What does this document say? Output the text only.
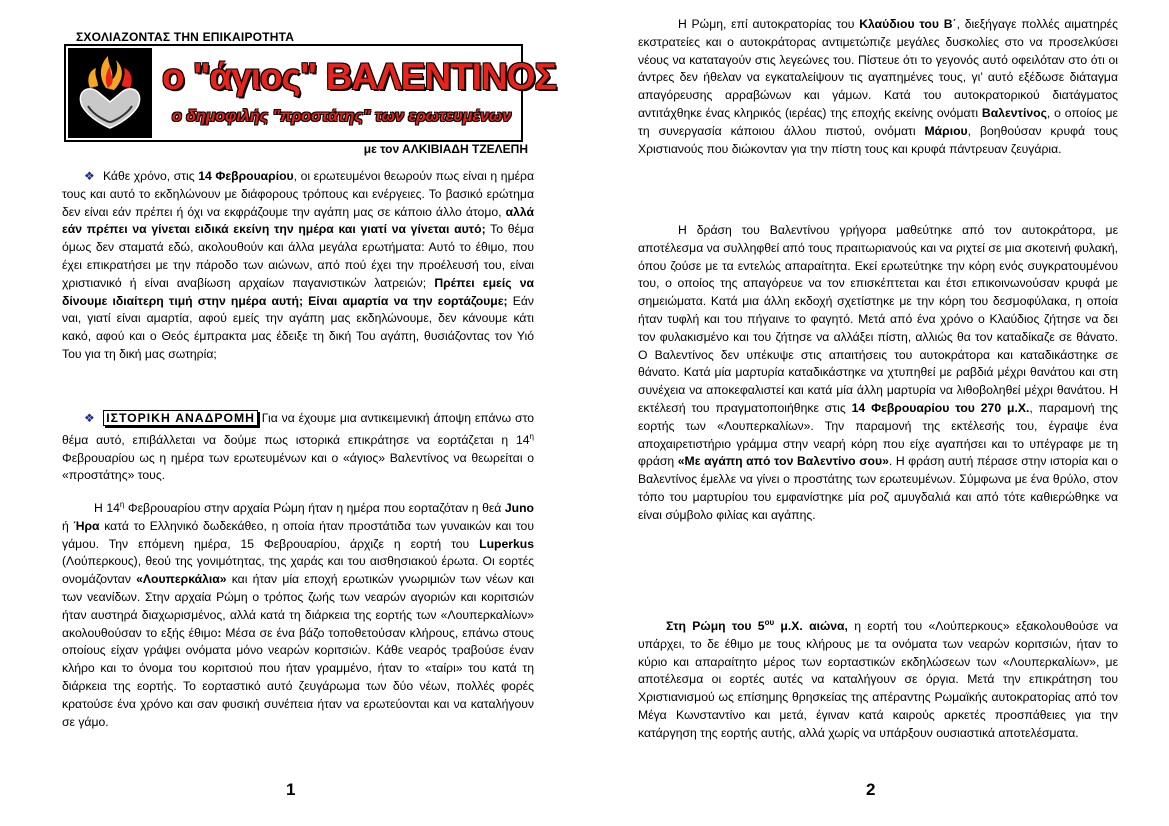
ΣΧΟΛΙΑΖΟΝΤΑΣ ΤΗΝ ΕΠΙΚΑΙΡΟΤΗΤΑ
ο "άγιος" ΒΑΛΕΝΤΙΝΟΣ
ο δημοφιλής "προστάτης" των ερωτευμένων
με τον ΑΛΚΙΒΙΑΔΗ ΤΖΕΛΕΠΗ

❖ Κάθε χρόνο, στις 14 Φεβρουαρίου, οι ερωτευμένοι θεωρούν πως είναι η ημέρα τους και αυτό το εκδηλώνουν με διάφορους τρόπους και ενέργειες. Το βασικό ερώτημα δεν είναι εάν πρέπει ή όχι να εκφράζουμε την αγάπη μας σε κάποιο άλλο άτομο, αλλά εάν πρέπει να γίνεται ειδικά εκείνη την ημέρα και γιατί να γίνεται αυτό; Το θέμα όμως δεν σταματά εδώ, ακολουθούν και άλλα μεγάλα ερωτήματα: Αυτό το έθιμο, που έχει επικρατήσει με την πάροδο των αιώνων, από πού έχει την προέλευσή του, είναι χριστιανικό ή είναι αναβίωση αρχαίων παγανιστικών λατρειών; Πρέπει εμείς να δίνουμε ιδιαίτερη τιμή στην ημέρα αυτή; Είναι αμαρτία να την εορτάζουμε; Εάν ναι, γιατί είναι αμαρτία, αφού εμείς την αγάπη μας εκδηλώνουμε, δεν κάνουμε κάτι κακό, αφού και ο Θεός έμπρακτα μας έδειξε τη δική Του αγάπη, θυσιάζοντας τον Υιό Του για τη δική μας σωτηρία;

❖ ΙΣΤΟΡΙΚΗ ΑΝΑΔΡΟΜΗ Για να έχουμε μια αντικειμενική άποψη επάνω στο θέμα αυτό, επιβάλλεται να δούμε πως ιστορικά επικράτησε να εορτάζεται η $14^\eta$ Φεβρουαρίου ως η ημέρα των ερωτευμένων και ο «άγιος» Βαλεντίνος να θεωρείται ο «προστάτης» τους.

Η $14^\eta$ Φεβρουαρίου στην αρχαία Ρώμη ήταν η ημέρα που εορταζόταν η θεά Juno ή Ήρα κατά το Ελληνικό δωδεκάθεο, η οποία ήταν προστάτιδα των γυναικών και του γάμου. Την επόμενη ημέρα, 15 Φεβρουαρίου, άρχιζε η εορτή του Luperkus (Λούπερκους), θεού της γονιμότητας, της χαράς και του αισθησιακού έρωτα. Οι εορτές ονομάζονταν «Λουπερκάλια» και ήταν μία εποχή ερωτικών γνωριμιών των νέων και των νεανίδων. Στην αρχαία Ρώμη ο τρόπος ζωής των νεαρών αγοριών και κοριτσιών ήταν αυστηρά διαχωρισμένος, αλλά κατά τη διάρκεια της εορτής των «Λουπερκαλίων» ακολουθούσαν το εξής έθιμο: Μέσα σε ένα βάζο τοποθετούσαν κλήρους, επάνω στους οποίους είχαν γράψει ονόματα μόνο νεαρών κοριτσιών. Κάθε νεαρός τραβούσε έναν κλήρο και το όνομα του κοριτσιού που ήταν γραμμένο, ήταν το «ταίρι» του κατά τη διάρκεια της εορτής. Το εορταστικό αυτό ζευγάρωμα των δύο νέων, πολλές φορές κρατούσε ένα χρόνο και σαν φυσική συνέπεια ήταν να ερωτεύονται και να καταλήγουν σε γάμο.

1

Η Ρώμη, επί αυτοκρατορίας του Κλαύδιου του Β΄, διεξήγαγε πολλές αιματηρές εκστρατείες και ο αυτοκράτορας αντιμετώπιζε μεγάλες δυσκολίες στο να προσελκύσει νέους να καταταγούν στις λεγεώνες του. Πίστευε ότι το γεγονός αυτό οφειλόταν στο ότι οι άντρες δεν ήθελαν να εγκαταλείψουν τις αγαπημένες τους, γι’ αυτό εξέδωσε διάταγμα απαγόρευσης αρραβώνων και γάμων. Κατά του αυτοκρατορικού διατάγματος αντιτάχθηκε ένας κληρικός (ιερέας) της εποχής εκείνης ονόματι Βαλεντίνος, ο οποίος με τη συνεργασία κάποιου άλλου πιστού, ονόματι Μάριου, βοηθούσαν κρυφά τους Χριστιανούς που διώκονταν για την πίστη τους και κρυφά πάντρευαν ζευγάρια.

Η δράση του Βαλεντίνου γρήγορα μαθεύτηκε από τον αυτοκράτορα, με αποτέλεσμα να συλληφθεί από τους πραιτωριανούς και να ριχτεί σε μια σκοτεινή φυλακή, όπου ζούσε με τα εντελώς απαραίτητα. Εκεί ερωτεύτηκε την κόρη ενός συγκρατουμένου του, ο οποίος της απαγόρευε να τον επισκέπτεται και έτσι επικοινωνούσαν κρυφά με σημειώματα. Κατά μια άλλη εκδοχή σχετίστηκε με την κόρη του δεσμοφύλακα, η οποία ήταν τυφλή και του πήγαινε το φαγητό. Μετά από ένα χρόνο ο Κλαύδιος ζήτησε να δει τον φυλακισμένο και του ζήτησε να αλλάξει πίστη, αλλιώς θα τον καταδίκαζε σε θάνατο. Ο Βαλεντίνος δεν υπέκυψε στις απαιτήσεις του αυτοκράτορα και καταδικάστηκε σε θάνατο. Κατά μία μαρτυρία καταδικάστηκε να χτυπηθεί με ραβδιά μέχρι θανάτου και στη συνέχεια να αποκεφαλιστεί και κατά μία άλλη μαρτυρία να λιθοβοληθεί μέχρι θανάτου. Η εκτέλεσή του πραγματοποιήθηκε στις 14 Φεβρουαρίου του 270 μ.Χ., παραμονή της εορτής των «Λουπερκαλίων». Την παραμονή της εκτέλεσής του, έγραψε ένα αποχαιρετιστήριο γράμμα στην νεαρή κόρη που είχε αγαπήσει και το υπέγραφε με τη φράση «Με αγάπη από τον Βαλεντίνο σου». Η φράση αυτή πέρασε στην ιστορία και ο Βαλεντίνος έμελλε να γίνει ο προστάτης των ερωτευμένων. Σύμφωνα με ένα θρύλο, στον τόπο του μαρτυρίου του εμφανίστηκε μία ροζ αμυγδαλιά και από τότε καθιερώθηκε να είναι σύμβολο φιλίας και αγάπης.

Στη Ρώμη του $5^{o\upsilon}$ μ.Χ. αιώνα, η εορτή του «Λούπερκους» εξακολουθούσε να υπάρχει, το δε έθιμο με τους κλήρους με τα ονόματα των νεαρών κοριτσιών, ήταν το κύριο και απαραίτητο μέρος των εορταστικών εκδηλώσεων των «Λουπερκαλίων», με αποτέλεσμα οι εορτές αυτές να καταλήγουν σε όργια. Μετά την επικράτηση του Χριστιανισμού ως επίσημης θρησκείας της απέραντης Ρωμαϊκής αυτοκρατορίας από τον Μέγα Κωνσταντίνο και μετά, έγιναν κατά καιρούς αρκετές προσπάθειες για την κατάργηση της εορτής αυτής, αλλά χωρίς να υπάρξουν ουσιαστικά αποτελέσματα.

2
